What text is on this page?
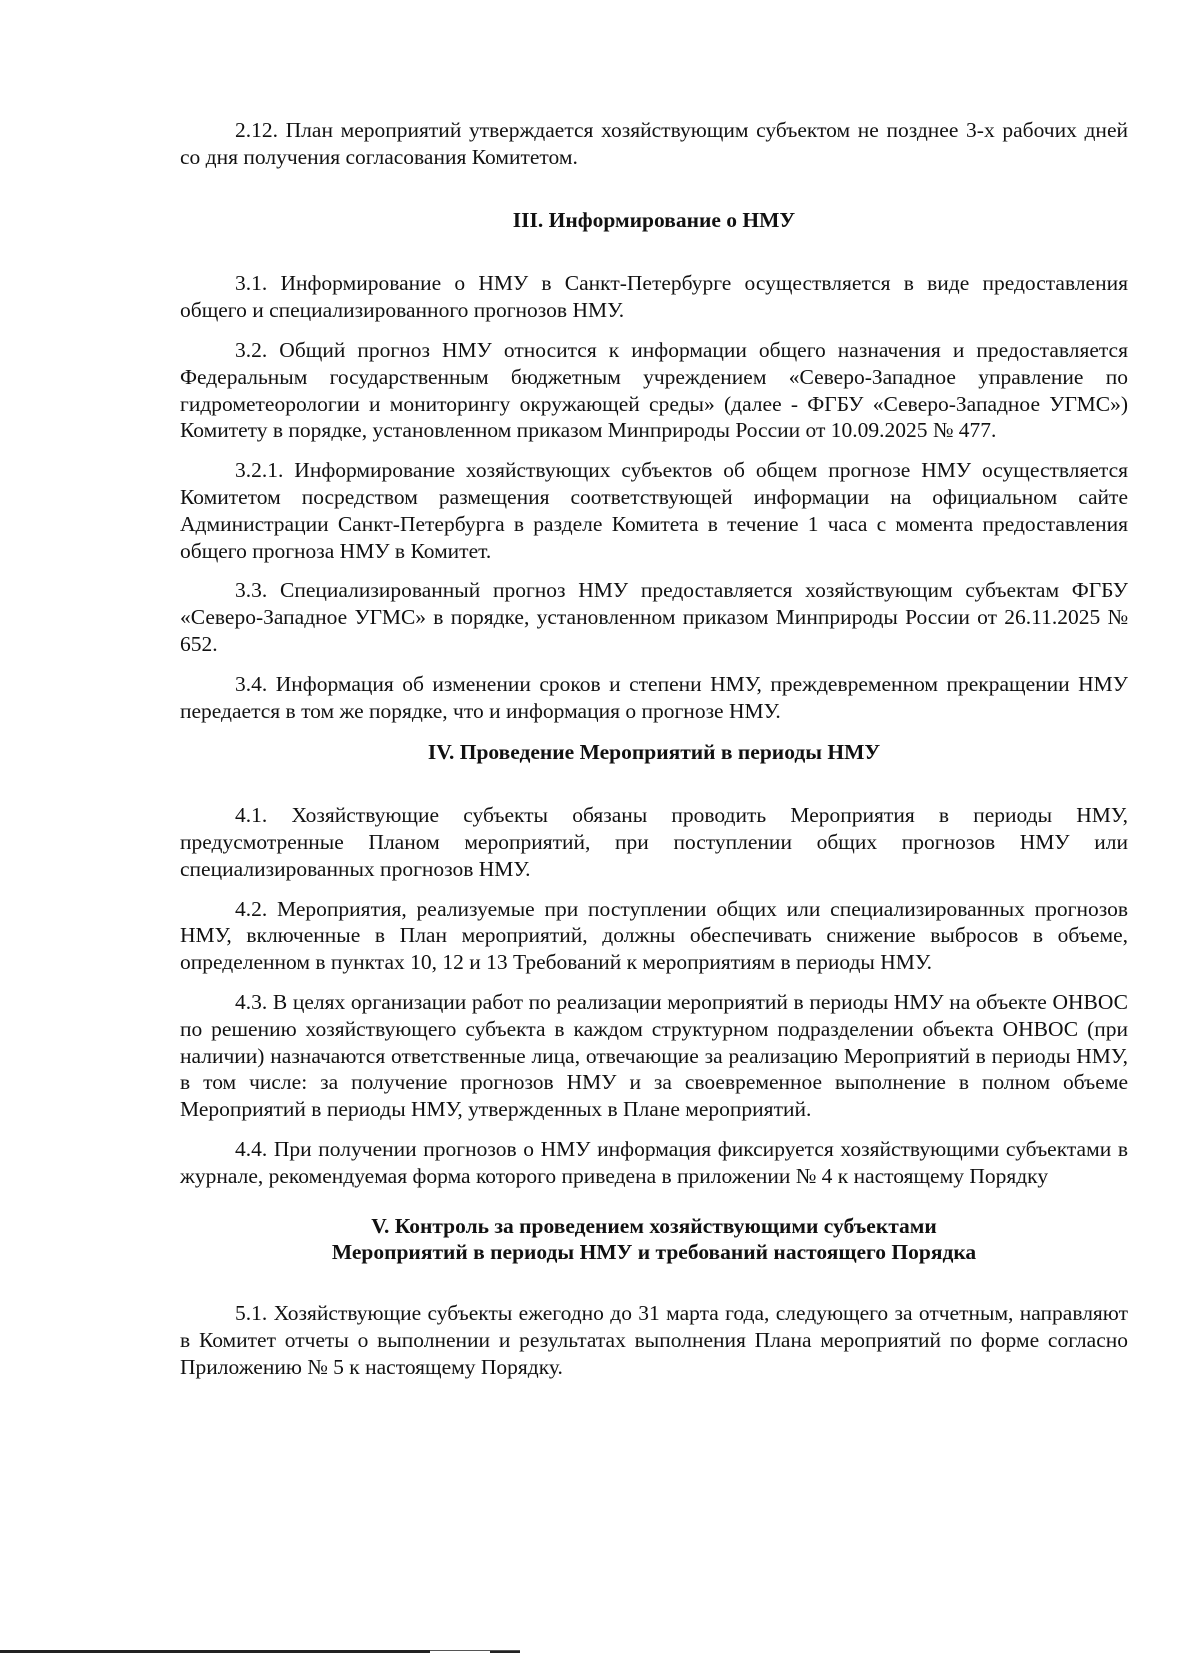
2.12. План мероприятий утверждается хозяйствующим субъектом не позднее 3-х рабочих дней со дня получения согласования Комитетом.

III. Информирование о НМУ

3.1. Информирование о НМУ в Санкт-Петербурге осуществляется в виде предоставления общего и специализированного прогнозов НМУ.

3.2. Общий прогноз НМУ относится к информации общего назначения и предоставляется Федеральным государственным бюджетным учреждением «Северо-Западное управление по гидрометеорологии и мониторингу окружающей среды» (далее - ФГБУ «Северо-Западное УГМС») Комитету в порядке, установленном приказом Минприроды России от 10.09.2025 № 477.

3.2.1. Информирование хозяйствующих субъектов об общем прогнозе НМУ осуществляется Комитетом посредством размещения соответствующей информации на официальном сайте Администрации Санкт-Петербурга в разделе Комитета в течение 1 часа с момента предоставления общего прогноза НМУ в Комитет.

3.3. Специализированный прогноз НМУ предоставляется хозяйствующим субъектам ФГБУ «Северо-Западное УГМС» в порядке, установленном приказом Минприроды России от 26.11.2025 № 652.

3.4. Информация об изменении сроков и степени НМУ, преждевременном прекращении НМУ передается в том же порядке, что и информация о прогнозе НМУ.

IV. Проведение Мероприятий в периоды НМУ

4.1. Хозяйствующие субъекты обязаны проводить Мероприятия в периоды НМУ, предусмотренные Планом мероприятий, при поступлении общих прогнозов НМУ или специализированных прогнозов НМУ.

4.2. Мероприятия, реализуемые при поступлении общих или специализированных прогнозов НМУ, включенные в План мероприятий, должны обеспечивать снижение выбросов в объеме, определенном в пунктах 10, 12 и 13 Требований к мероприятиям в периоды НМУ.

4.3. В целях организации работ по реализации мероприятий в периоды НМУ на объекте ОНВОС по решению хозяйствующего субъекта в каждом структурном подразделении объекта ОНВОС (при наличии) назначаются ответственные лица, отвечающие за реализацию Мероприятий в периоды НМУ, в том числе: за получение прогнозов НМУ и за своевременное выполнение в полном объеме Мероприятий в периоды НМУ, утвержденных в Плане мероприятий.

4.4. При получении прогнозов о НМУ информация фиксируется хозяйствующими субъектами в журнале, рекомендуемая форма которого приведена в приложении № 4 к настоящему Порядку

V. Контроль за проведением хозяйствующими субъектами
Мероприятий в периоды НМУ и требований настоящего Порядка

5.1. Хозяйствующие субъекты ежегодно до 31 марта года, следующего за отчетным, направляют в Комитет отчеты о выполнении и результатах выполнения Плана мероприятий по форме согласно Приложению № 5 к настоящему Порядку.
